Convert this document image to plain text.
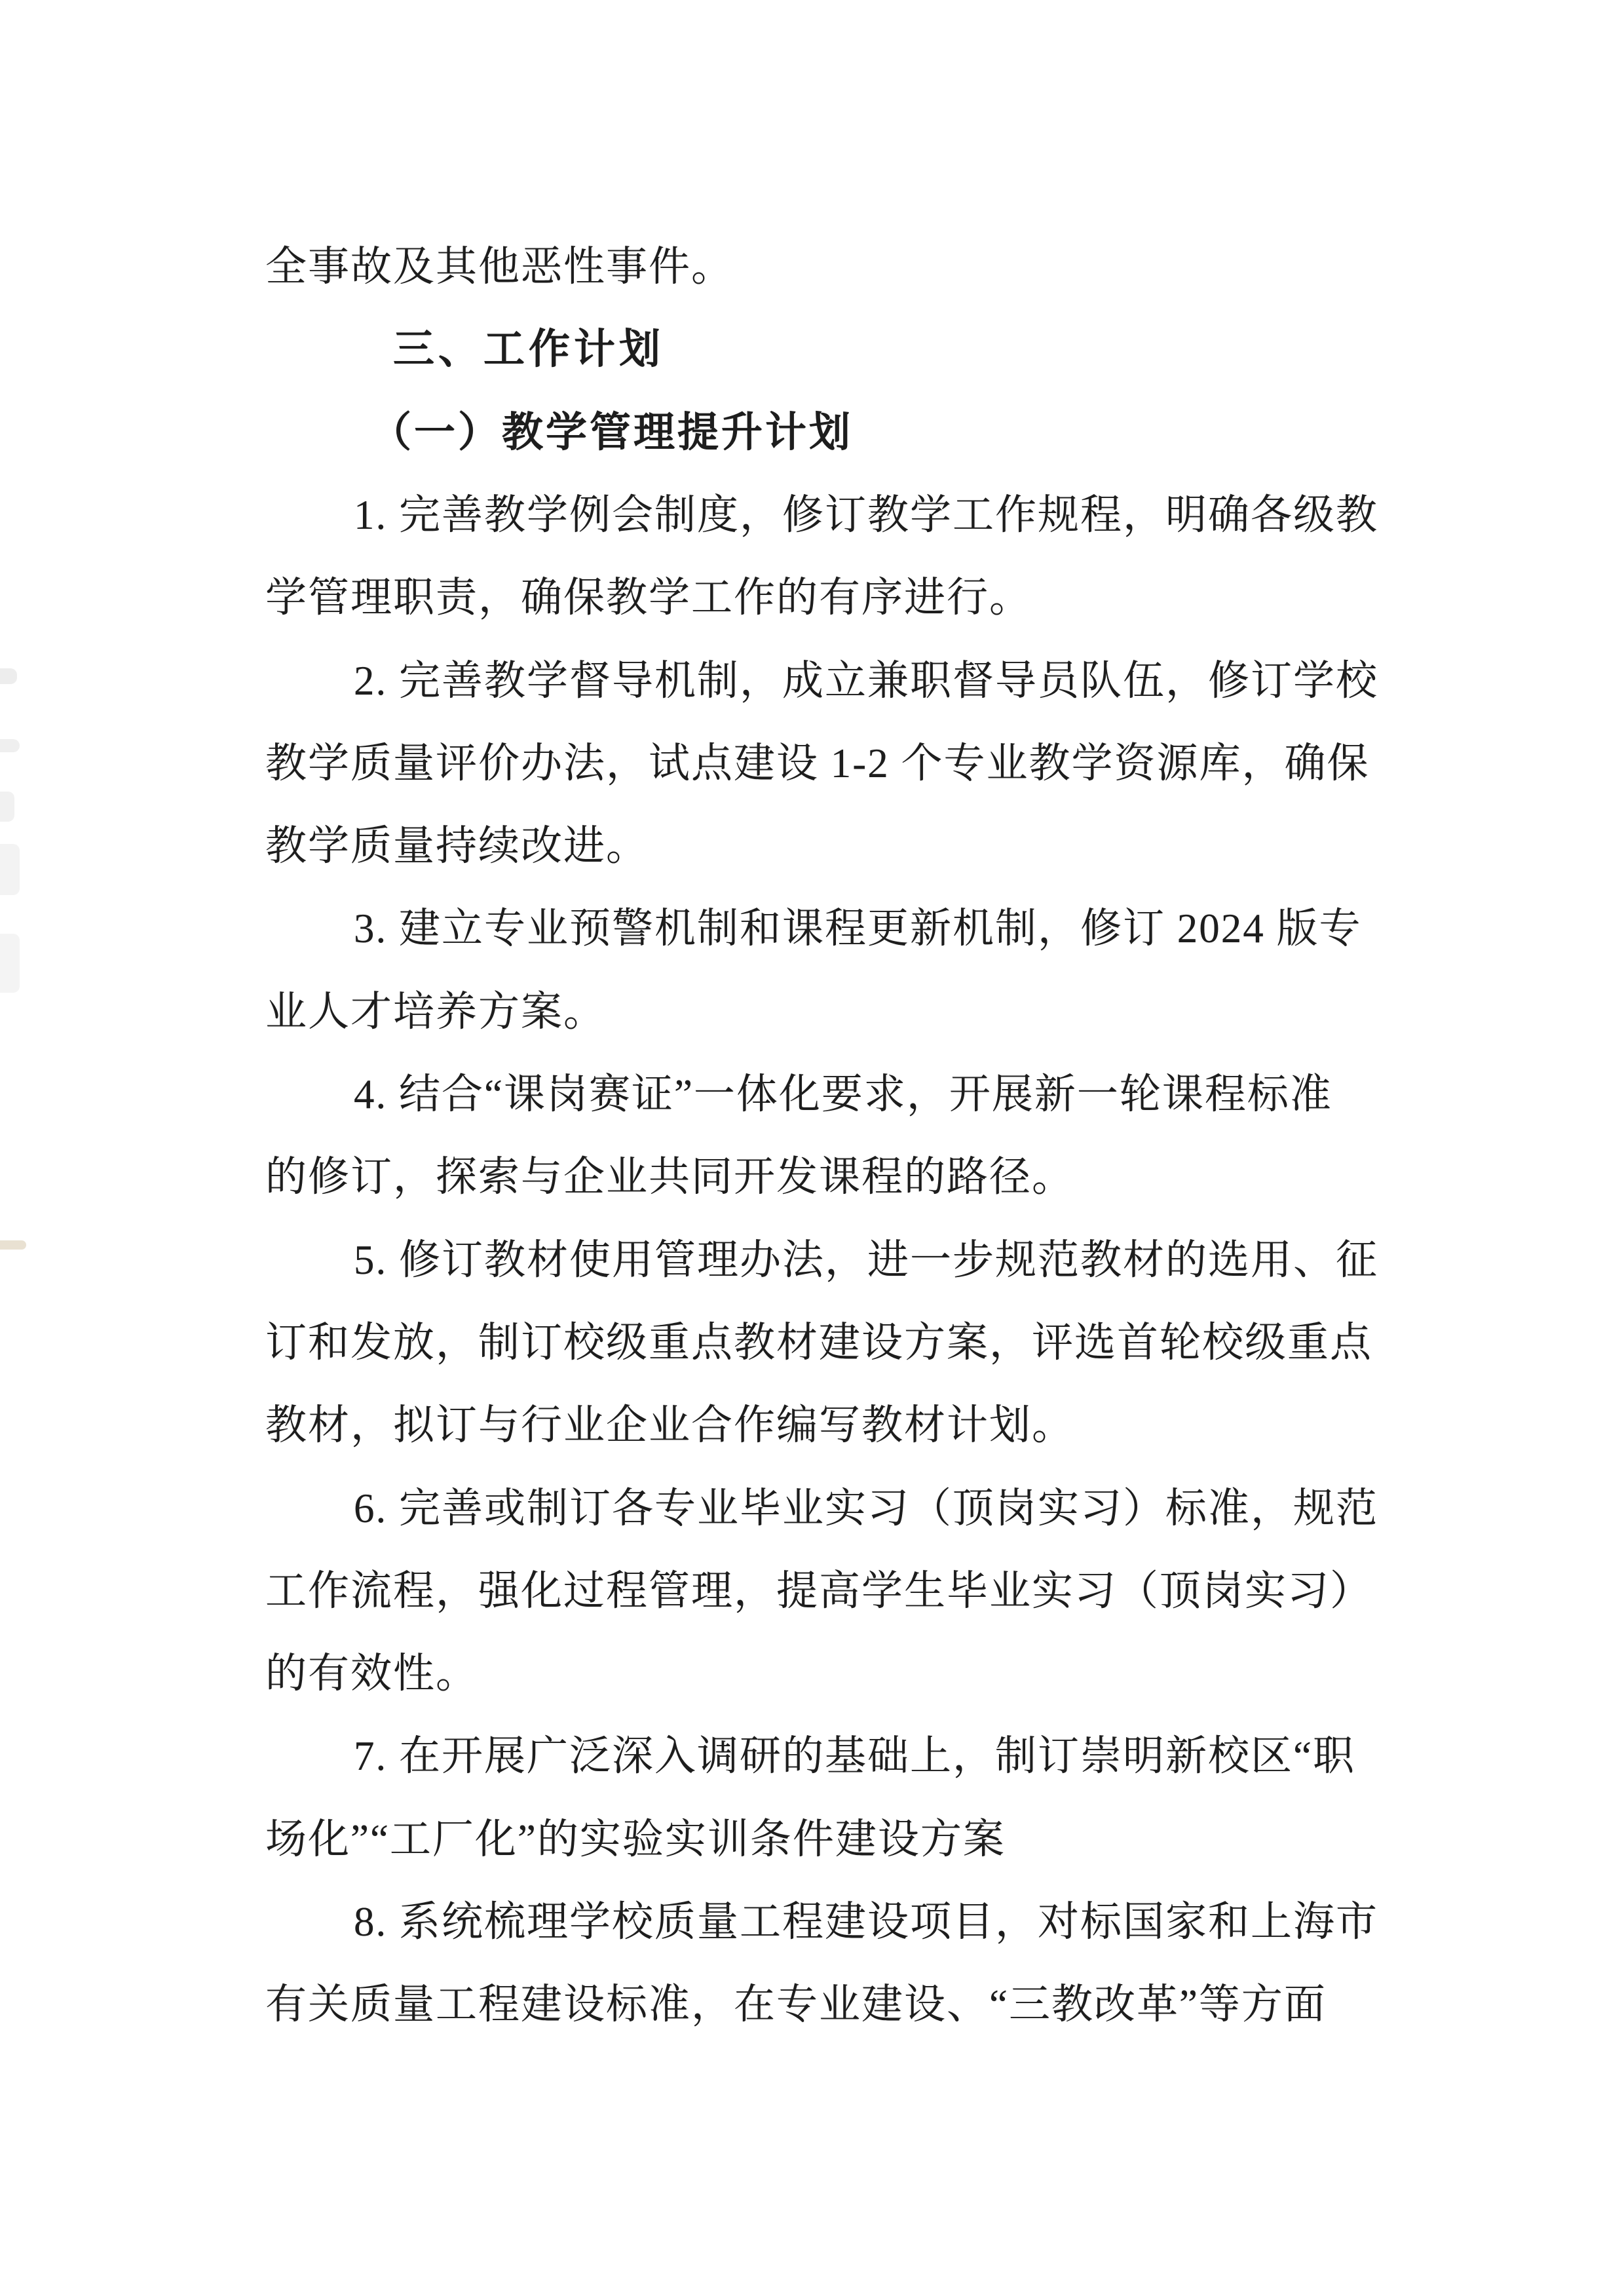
全事故及其他恶性事件。
三、工作计划
（一）教学管理提升计划
1. 完善教学例会制度，修订教学工作规程，明确各级教
学管理职责，确保教学工作的有序进行。
2. 完善教学督导机制，成立兼职督导员队伍，修订学校
教学质量评价办法，试点建设 1-2 个专业教学资源库，确保
教学质量持续改进。
3. 建立专业预警机制和课程更新机制，修订 2024 版专
业人才培养方案。
4. 结合“课岗赛证”一体化要求，开展新一轮课程标准
的修订，探索与企业共同开发课程的路径。
5. 修订教材使用管理办法，进一步规范教材的选用、征
订和发放，制订校级重点教材建设方案，评选首轮校级重点
教材，拟订与行业企业合作编写教材计划。
6. 完善或制订各专业毕业实习（顶岗实习）标准，规范
工作流程，强化过程管理，提高学生毕业实习（顶岗实习）
的有效性。
7. 在开展广泛深入调研的基础上，制订崇明新校区“职
场化”“工厂化”的实验实训条件建设方案
8. 系统梳理学校质量工程建设项目，对标国家和上海市
有关质量工程建设标准，在专业建设、“三教改革”等方面
